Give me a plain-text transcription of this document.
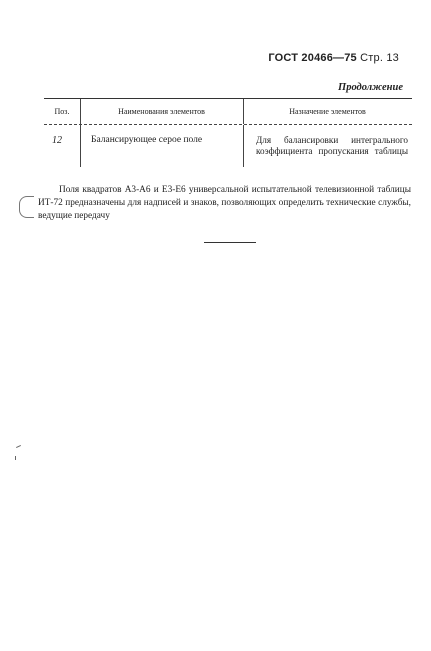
ГОСТ 20466—75 Стр. 13
Продолжение
Поз.	Наименования элементов	Назначение элементов
12	Балансирующее серое поле	Для балансировки интегрального
коэффициента пропускания таблицы
Поля квадратов А3-А6 и Е3-Е6 универсальной испытательной телевизионной таблицы ИТ-72 предназначены для надписей и знаков, позволяющих определить технические службы, ведущие передачу
